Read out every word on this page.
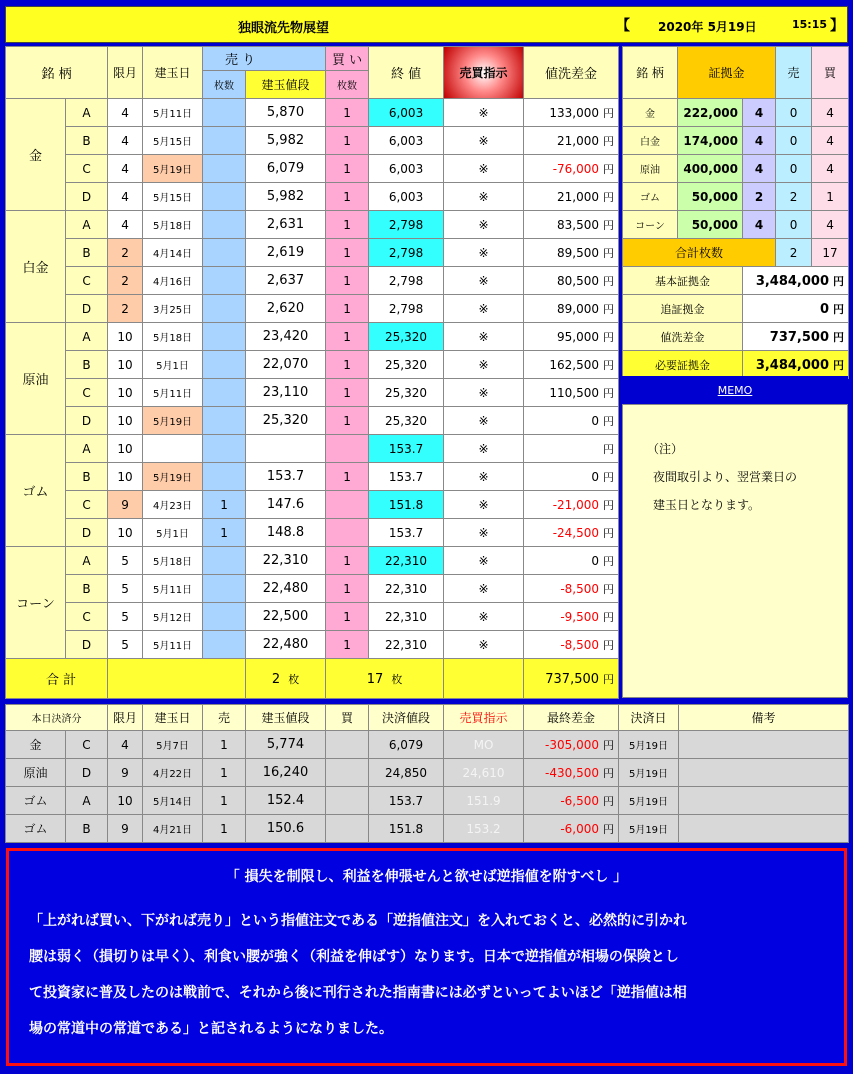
独眼流先物展望	【 2020年 5月19日	15:15 】
銘 柄		限月	建玉日	売 り		買 い	終 値	売買指示	値洗差金
				枚数	建玉値段	枚数			
金	A	4	5月11日		5,870	1	6,003	※	133,000 円
	B	4	5月15日		5,982	1	6,003	※	21,000 円
	C	4	5月19日		6,079	1	6,003	※	-76,000 円
	D	4	5月15日		5,982	1	6,003	※	21,000 円
白金	A	4	5月18日		2,631	1	2,798	※	83,500 円
	B	2	4月14日		2,619	1	2,798	※	89,500 円
	C	2	4月16日		2,637	1	2,798	※	80,500 円
	D	2	3月25日		2,620	1	2,798	※	89,000 円
原油	A	10	5月18日		23,420	1	25,320	※	95,000 円
	B	10	5月1日		22,070	1	25,320	※	162,500 円
	C	10	5月11日		23,110	1	25,320	※	110,500 円
	D	10	5月19日		25,320	1	25,320	※	0 円
ゴム	A	10					153.7	※	円
	B	10	5月19日		153.7	1	153.7	※	0 円
	C	9	4月23日	1	147.6		151.8	※	-21,000 円
	D	10	5月1日	1	148.8		153.7	※	-24,500 円
コーン	A	5	5月18日		22,310	1	22,310	※	0 円
	B	5	5月11日		22,480	1	22,310	※	-8,500 円
	C	5	5月12日		22,500	1	22,310	※	-9,500 円
	D	5	5月11日		22,480	1	22,310	※	-8,500 円
合 計					2 枚	17 枚			737,500 円
銘 柄	証拠金		売	買
金	222,000	4	0	4
白金	174,000	4	0	4
原油	400,000	4	0	4
ゴム	50,000	2	2	1
コーン	50,000	4	0	4
合計枚数			2	17
基本証拠金		3,484,000 円		
追証拠金		0 円		
値洗差金		737,500 円		
必要証拠金		3,484,000 円		
MEMO
（注）
夜間取引より、翌営業日の
建玉日となります。
本日決済分		限月	建玉日	売	建玉値段	買	決済値段	売買指示	最終差金	決済日	備考
金	C	4	5月7日	1	5,774		6,079	MO	-305,000 円	5月19日	
原油	D	9	4月22日	1	16,240		24,850	24,610	-430,500 円	5月19日	
ゴム	A	10	5月14日	1	152.4		153.7	151.9	-6,500 円	5月19日	
ゴム	B	9	4月21日	1	150.6		151.8	153.2	-6,000 円	5月19日	
「 損失を制限し、利益を伸張せんと欲せば逆指値を附すべし 」
「上がれば買い、下がれば売り」という指値注文である「逆指値注文」を入れておくと、必然的に引かれ
腰は弱く（損切りは早く）、利食い腰が強く（利益を伸ばす）なります。日本で逆指値が相場の保険とし
て投資家に普及したのは戦前で、それから後に刊行された指南書には必ずといってよいほど「逆指値は相
場の常道中の常道である」と記されるようになりました。
